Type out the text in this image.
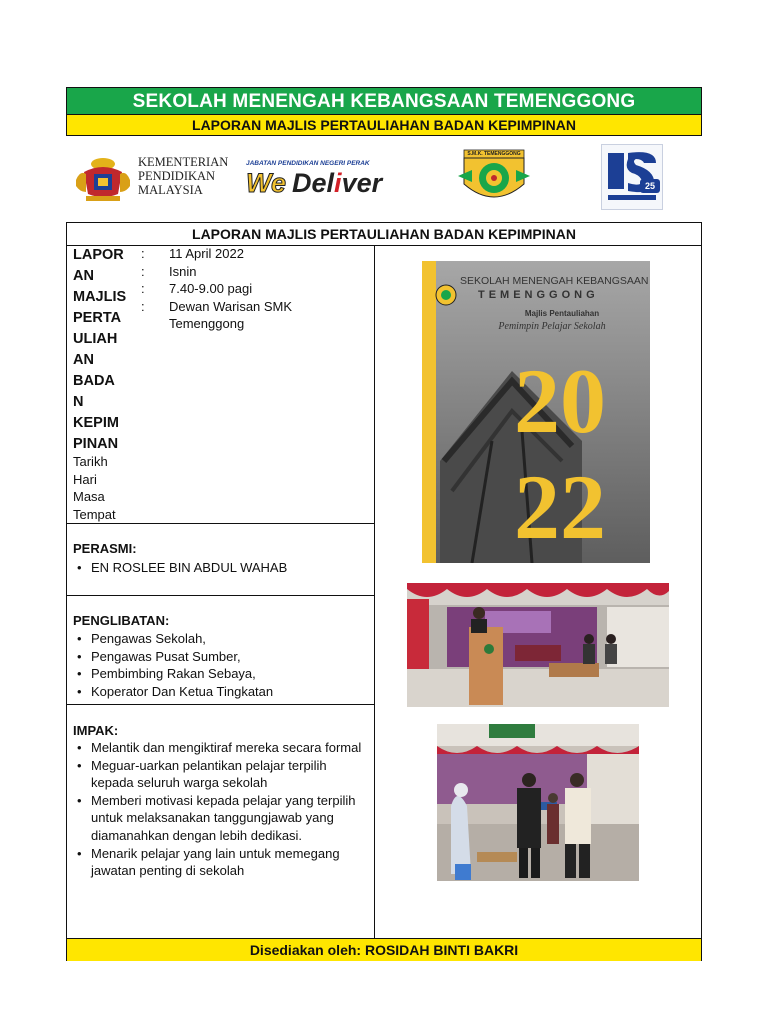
SEKOLAH MENENGAH KEBANGSAAN TEMENGGONG
LAPORAN MAJLIS PERTAULIAHAN BADAN KEPIMPINAN
KEMENTERIAN
PENDIDIKAN
MALAYSIA
JABATAN PENDIDIKAN NEGERI PERAK
We Deliver
S.M.K. TEMENGGONG
25
LAPORAN MAJLIS PERTAULIAHAN BADAN KEPIMPINAN
LAPOR
AN
MAJLIS
PERTA
ULIAH
AN
BADA
N
KEPIM
PINAN
Tarikh
Hari
Masa
Tempat
:
:
:
:
11 April 2022
Isnin
7.40-9.00 pagi
Dewan Warisan SMK Temenggong
PERASMI:
• EN ROSLEE BIN ABDUL WAHAB
PENGLIBATAN:
• Pengawas Sekolah,
• Pengawas Pusat Sumber,
• Pembimbing Rakan Sebaya,
• Koperator Dan Ketua Tingkatan
IMPAK:
• Melantik dan mengiktiraf mereka secara formal
• Meguar-uarkan pelantikan pelajar terpilih kepada seluruh warga sekolah
• Memberi motivasi kepada pelajar yang terpilih untuk melaksanakan tanggungjawab yang diamanahkan dengan lebih dedikasi.
• Menarik pelajar yang lain untuk memegang jawatan penting di sekolah
SEKOLAH MENENGAH KEBANGSAAN
TEMENGGONG
Majlis Pentauliahan
Pemimpin Pelajar Sekolah
20
22
Disediakan oleh: ROSIDAH BINTI BAKRI
